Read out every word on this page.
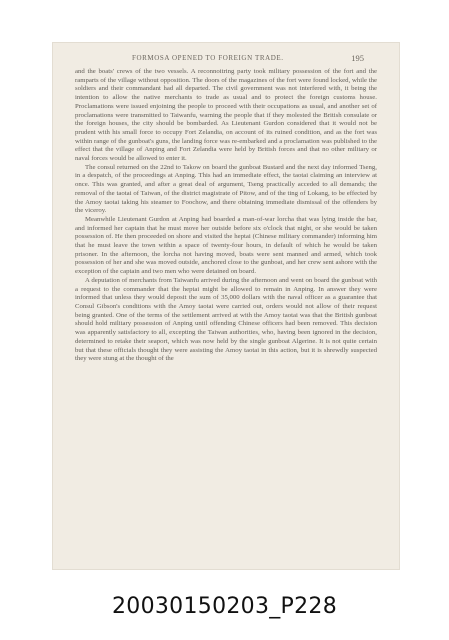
FORMOSA OPENED TO FOREIGN TRADE.	195

and the boats' crews of the two vessels. A reconnoitring party took military possession of the fort and the ramparts of the village without opposition. The doors of the magazines of the fort were found locked, while the soldiers and their commandant had all departed. The civil government was not interfered with, it being the intention to allow the native merchants to trade as usual and to protect the foreign customs house. Proclamations were issued enjoining the people to proceed with their occupations as usual, and another set of proclamations were transmitted to Taiwanfu, warning the people that if they molested the British consulate or the foreign houses, the city should be bombarded. As Lieutenant Gurdon considered that it would not be prudent with his small force to occupy Fort Zelandia, on account of its ruined condition, and as the fort was within range of the gunboat's guns, the landing force was re-embarked and a proclamation was published to the effect that the village of Anping and Fort Zelandia were held by British forces and that no other military or naval forces would be allowed to enter it.

The consul returned on the 22nd to Takow on board the gunboat Bustard and the next day informed Tseng, in a despatch, of the proceedings at Anping. This had an immediate effect, the taotai claiming an interview at once. This was granted, and after a great deal of argument, Tseng practically acceded to all demands; the removal of the taotai of Taiwan, of the district magistrate of Pitow, and of the ting of Lokang, to be effected by the Amoy taotai taking his steamer to Foochow, and there obtaining immediate dismissal of the offenders by the viceroy.

Meanwhile Lieutenant Gurdon at Anping had boarded a man-of-war lorcha that was lying inside the bar, and informed her captain that he must move her outside before six o'clock that night, or she would be taken possession of. He then proceeded on shore and visited the heptai (Chinese military commander) informing him that he must leave the town within a space of twenty-four hours, in default of which he would be taken prisoner. In the afternoon, the lorcha not having moved, boats were sent manned and armed, which took possession of her and she was moved outside, anchored close to the gunboat, and her crew sent ashore with the exception of the captain and two men who were detained on board.

A deputation of merchants from Taiwanfu arrived during the afternoon and went on board the gunboat with a request to the commander that the heptai might be allowed to remain in Anping. In answer they were informed that unless they would deposit the sum of 35,000 dollars with the naval officer as a guarantee that Consul Gibson's conditions with the Amoy taotai were carried out, orders would not allow of their request being granted. One of the terms of the settlement arrived at with the Amoy taotai was that the British gunboat should hold military possession of Anping until offending Chinese officers had been removed. This decision was apparently satisfactory to all, excepting the Taiwan authorities, who, having been ignored in the decision, determined to retake their seaport, which was now held by the single gunboat Algerine. It is not quite certain but that these officials thought they were assisting the Amoy taotai in this action, but it is shrewdly suspected they were stung at the thought of the

20030150203_P228
